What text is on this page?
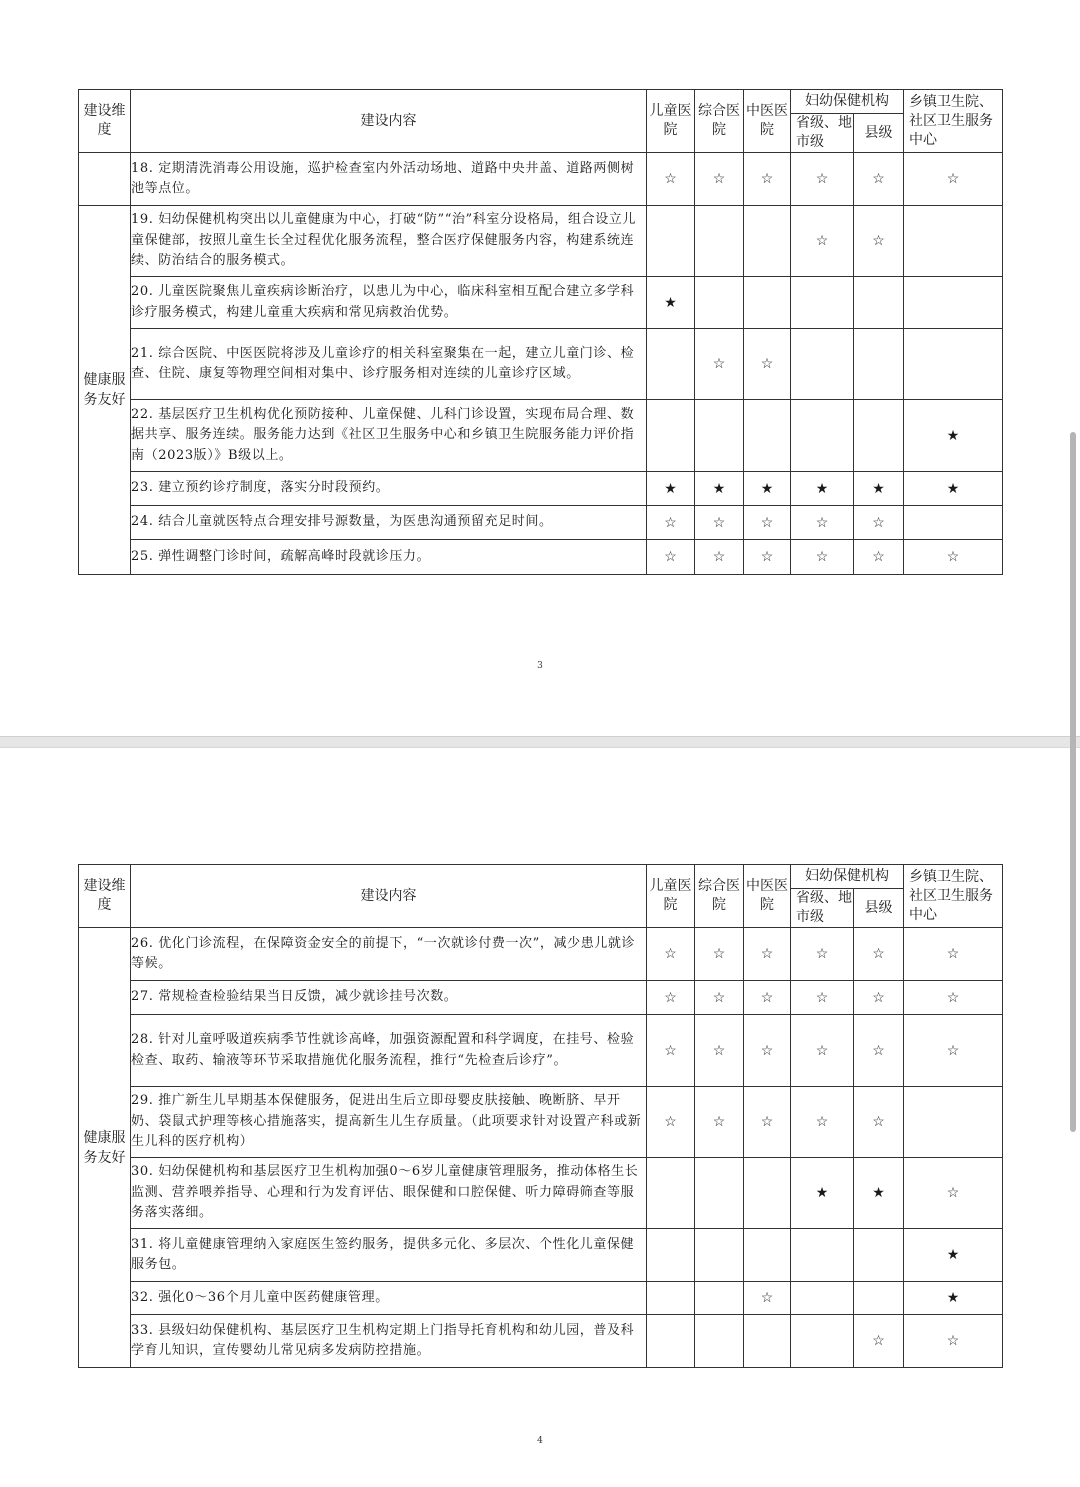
建设维度	建设内容	儿童医院	综合医院	中医医院	妇幼保健机构		乡镇卫生院、社区卫生服务中心
					省级、地市级	县级	
	18. 定期清洗消毒公用设施，巡护检查室内外活动场地、道路中央井盖、道路两侧树池等点位。	☆	☆	☆	☆	☆	☆
健康服务友好	19. 妇幼保健机构突出以儿童健康为中心，打破“防”“治”科室分设格局，组合设立儿童保健部，按照儿童生长全过程优化服务流程，整合医疗保健服务内容，构建系统连续、防治结合的服务模式。				☆	☆	
	20. 儿童医院聚焦儿童疾病诊断治疗，以患儿为中心，临床科室相互配合建立多学科诊疗服务模式，构建儿童重大疾病和常见病救治优势。	★					
	21. 综合医院、中医医院将涉及儿童诊疗的相关科室聚集在一起，建立儿童门诊、检查、住院、康复等物理空间相对集中、诊疗服务相对连续的儿童诊疗区域。		☆	☆			
	22. 基层医疗卫生机构优化预防接种、儿童保健、儿科门诊设置，实现布局合理、数据共享、服务连续。服务能力达到《社区卫生服务中心和乡镇卫生院服务能力评价指南（2023版）》B级以上。						★
	23. 建立预约诊疗制度，落实分时段预约。	★	★	★	★	★	★
	24. 结合儿童就医特点合理安排号源数量，为医患沟通预留充足时间。	☆	☆	☆	☆	☆	
	25. 弹性调整门诊时间，疏解高峰时段就诊压力。	☆	☆	☆	☆	☆	☆
3
建设维度	建设内容	儿童医院	综合医院	中医医院	妇幼保健机构		乡镇卫生院、社区卫生服务中心
					省级、地市级	县级	
健康服务友好	26. 优化门诊流程，在保障资金安全的前提下，“一次就诊付费一次”，减少患儿就诊等候。	☆	☆	☆	☆	☆	☆
	27. 常规检查检验结果当日反馈，减少就诊挂号次数。	☆	☆	☆	☆	☆	☆
	28. 针对儿童呼吸道疾病季节性就诊高峰，加强资源配置和科学调度，在挂号、检验检查、取药、输液等环节采取措施优化服务流程，推行“先检查后诊疗”。	☆	☆	☆	☆	☆	☆
	29. 推广新生儿早期基本保健服务，促进出生后立即母婴皮肤接触、晚断脐、早开奶、袋鼠式护理等核心措施落实，提高新生儿生存质量。（此项要求针对设置产科或新生儿科的医疗机构）	☆	☆	☆	☆	☆	
	30. 妇幼保健机构和基层医疗卫生机构加强0～6岁儿童健康管理服务，推动体格生长监测、营养喂养指导、心理和行为发育评估、眼保健和口腔保健、听力障碍筛查等服务落实落细。				★	★	☆
	31. 将儿童健康管理纳入家庭医生签约服务，提供多元化、多层次、个性化儿童保健服务包。						★
	32. 强化0～36个月儿童中医药健康管理。			☆			★
	33. 县级妇幼保健机构、基层医疗卫生机构定期上门指导托育机构和幼儿园，普及科学育儿知识，宣传婴幼儿常见病多发病防控措施。					☆	☆
4
